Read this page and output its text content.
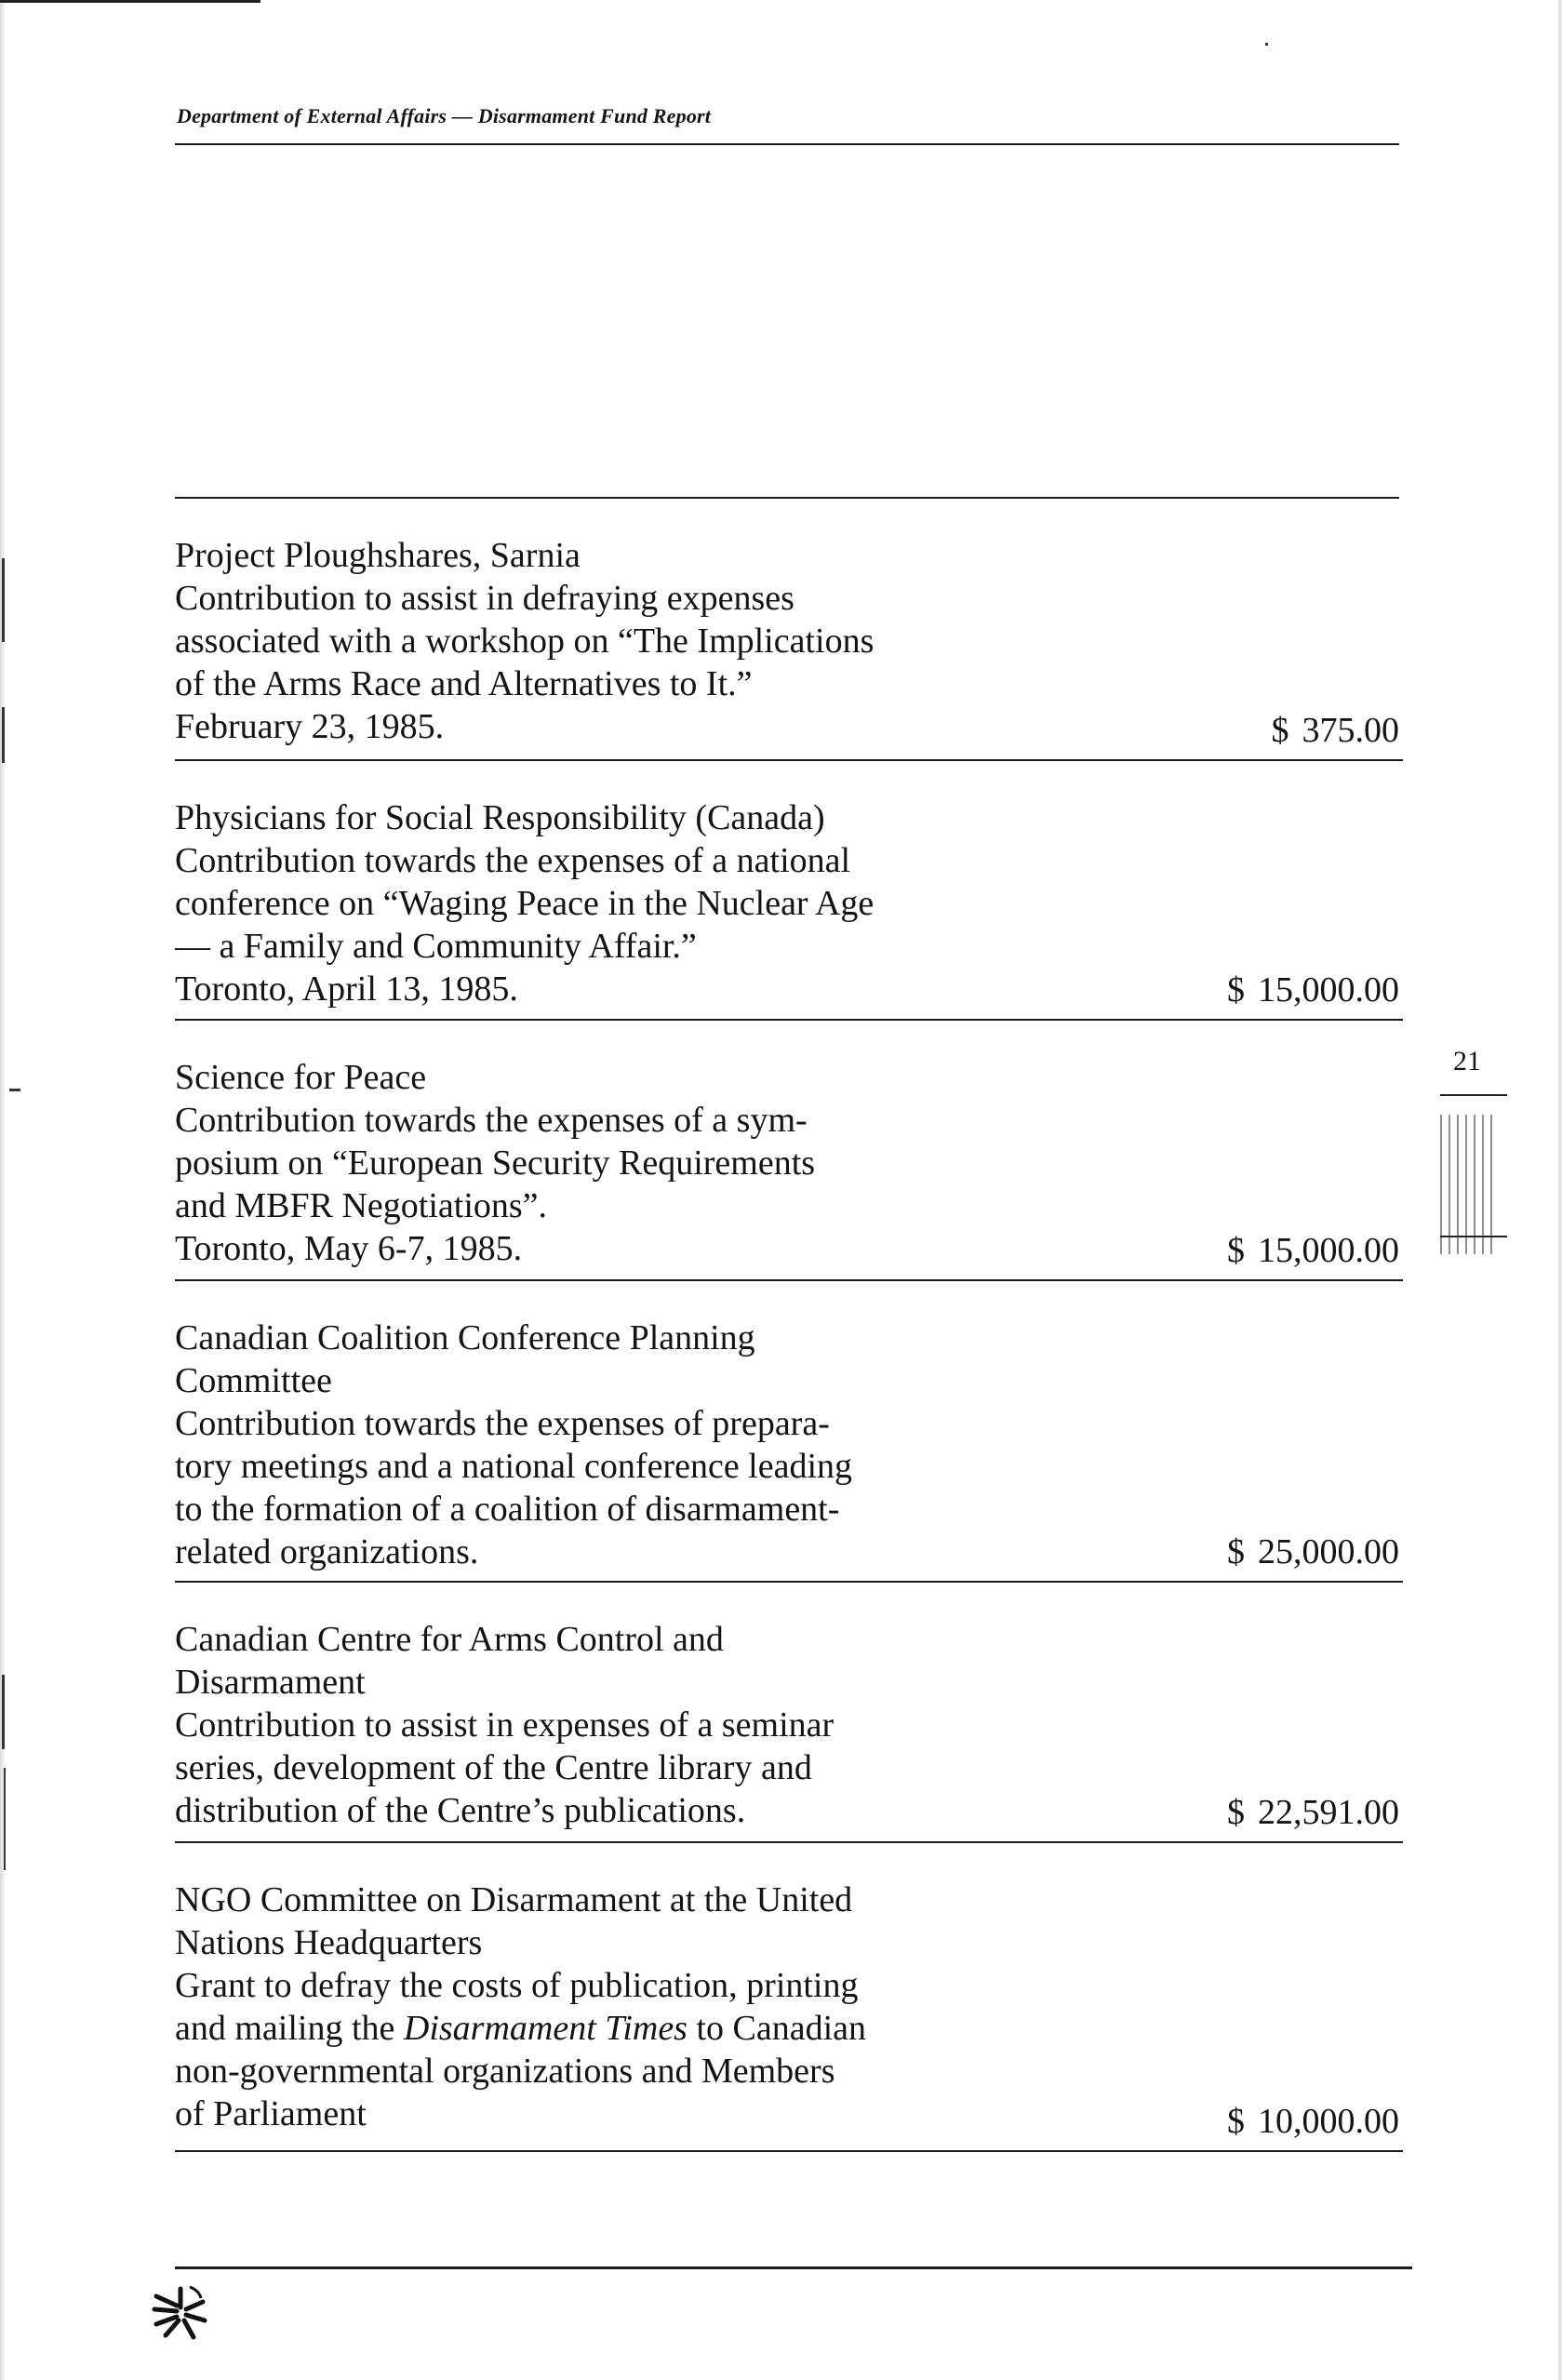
Department of External Affairs — Disarmament Fund Report
Project Ploughshares, Sarnia
Contribution to assist in defraying expenses
associated with a workshop on “The Implications
of the Arms Race and Alternatives to It.”
February 23, 1985.	$ 375.00
Physicians for Social Responsibility (Canada)
Contribution towards the expenses of a national
conference on “Waging Peace in the Nuclear Age
— a Family and Community Affair.”
Toronto, April 13, 1985.	$ 15,000.00
Science for Peace
Contribution towards the expenses of a sym-
posium on “European Security Requirements
and MBFR Negotiations”.
Toronto, May 6-7, 1985.	$ 15,000.00
Canadian Coalition Conference Planning
Committee
Contribution towards the expenses of prepara-
tory meetings and a national conference leading
to the formation of a coalition of disarmament-
related organizations.	$ 25,000.00
Canadian Centre for Arms Control and
Disarmament
Contribution to assist in expenses of a seminar
series, development of the Centre library and
distribution of the Centre’s publications.	$ 22,591.00
NGO Committee on Disarmament at the United
Nations Headquarters
Grant to defray the costs of publication, printing
and mailing the Disarmament Times to Canadian
non-governmental organizations and Members
of Parliament	$ 10,000.00
21
